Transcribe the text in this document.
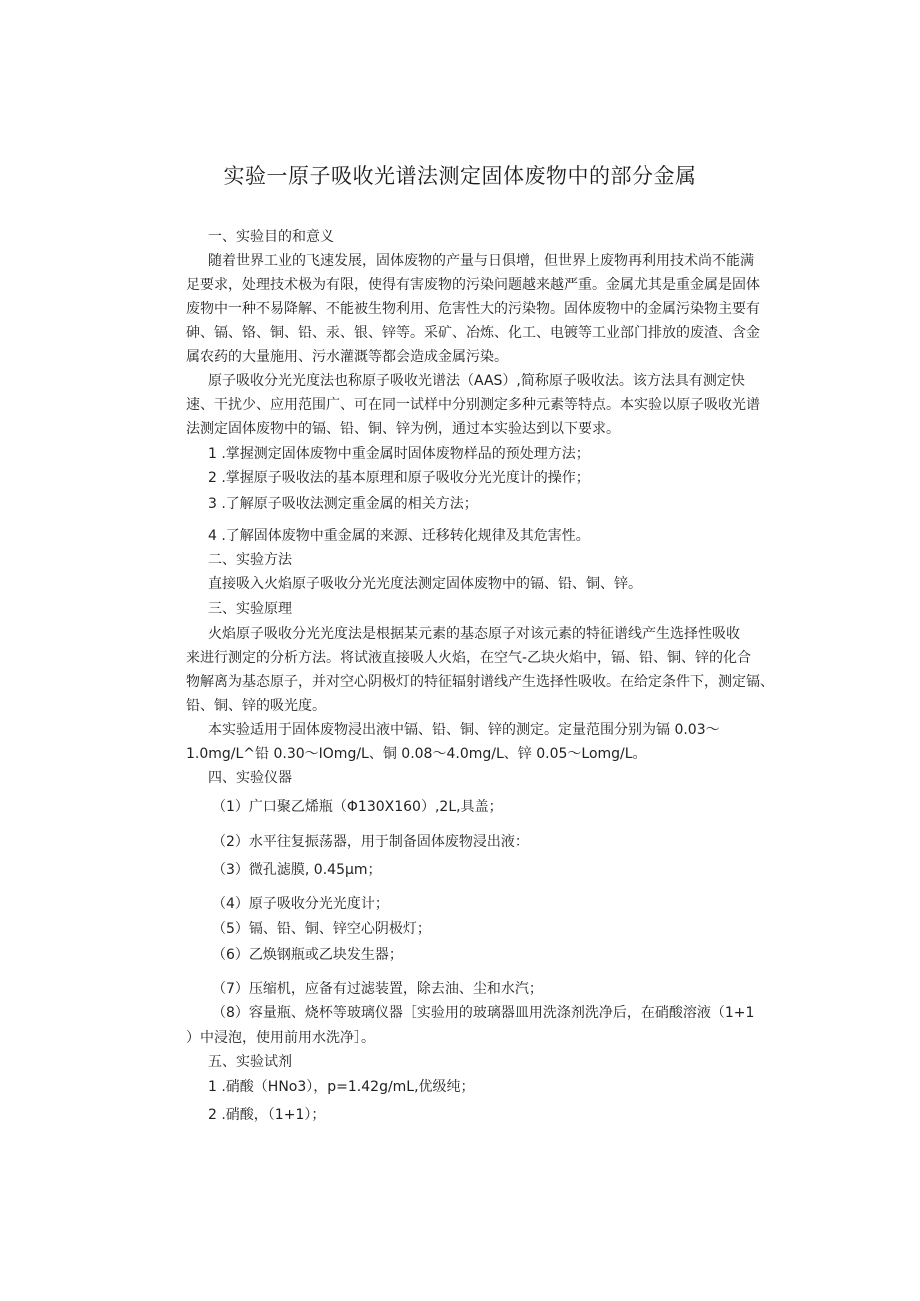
实验一原子吸收光谱法测定固体废物中的部分金属
一、实验目的和意义
随着世界工业的飞速发展，固体废物的产量与日俱增，但世界上废物再利用技术尚不能满
足要求，处理技术极为有限，使得有害废物的污染问题越来越严重。金属尤其是重金属是固体
废物中一种不易降解、不能被生物利用、危害性大的污染物。固体废物中的金属污染物主要有
砷、镉、铬、铜、铅、汞、银、锌等。采矿、冶炼、化工、电镀等工业部门排放的废渣、含金
属农药的大量施用、污水灌溉等都会造成金属污染。
原子吸收分光光度法也称原子吸收光谱法（AAS）,简称原子吸收法。该方法具有测定快
速、干扰少、应用范围广、可在同一试样中分别测定多种元素等特点。本实验以原子吸收光谱
法测定固体废物中的镉、铅、铜、锌为例，通过本实验达到以下要求。
1 .掌握测定固体废物中重金属时固体废物样品的预处理方法；
2 .掌握原子吸收法的基本原理和原子吸收分光光度计的操作；
3 .了解原子吸收法测定重金属的相关方法；
4 .了解固体废物中重金属的来源、迁移转化规律及其危害性。
二、实验方法
直接吸入火焰原子吸收分光光度法测定固体废物中的镉、铅、铜、锌。
三、实验原理
火焰原子吸收分光光度法是根据某元素的基态原子对该元素的特征谱线产生选择性吸收
来进行测定的分析方法。将试液直接吸人火焰，在空气-乙块火焰中，镉、铅、铜、锌的化合
物解离为基态原子，并对空心阴极灯的特征辐射谱线产生选择性吸收。在给定条件下，测定镉、
铅、铜、锌的吸光度。
本实验适用于固体废物浸出液中镉、铅、铜、锌的测定。定量范围分别为镉 0.03～
1.0mg/L^铅 0.30～IOmg/L、铜 0.08～4.0mg/L、锌 0.05～Lomg/L。
四、实验仪器
（1）广口聚乙烯瓶（Φ130X160）,2L,具盖；
（2）水平往复振荡器，用于制备固体废物浸出液：
（3）微孔滤膜, 0.45μm；
（4）原子吸收分光光度计；
（5）镉、铅、铜、锌空心阴极灯；
（6）乙焕钢瓶或乙块发生器；
（7）压缩机，应备有过滤装置，除去油、尘和水汽；
（8）容量瓶、烧杯等玻璃仪器［实验用的玻璃器皿用洗涤剂洗净后，在硝酸溶液（1+1
）中浸泡，使用前用水洗净］。
五、实验试剂
1 .硝酸（HNo3），p=1.42g∕mL,优级纯；
2 .硝酸，（1+1）；
